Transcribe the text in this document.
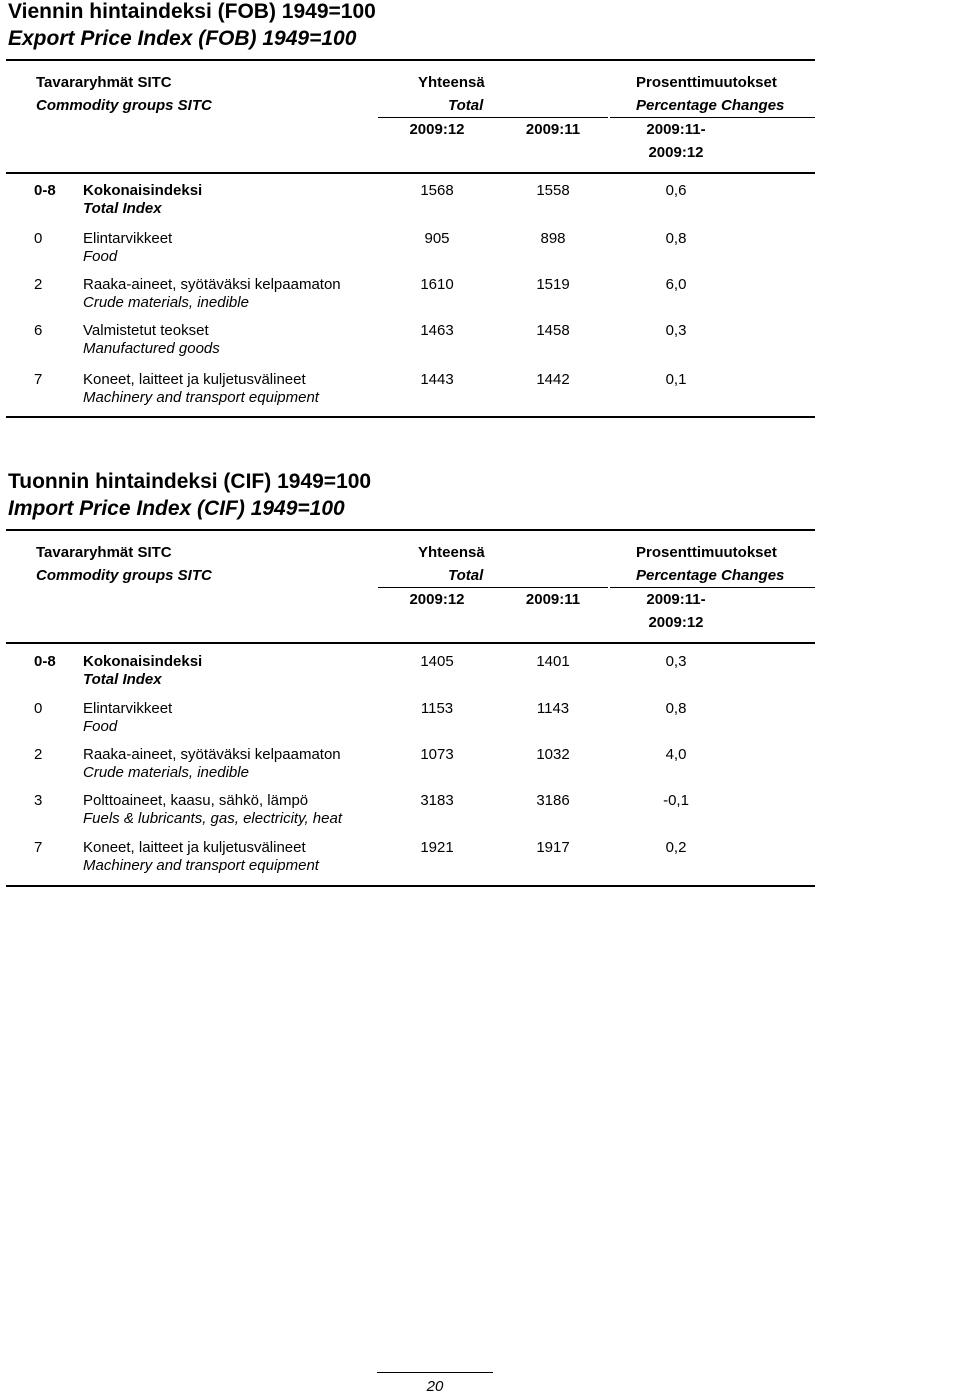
Viennin hintaindeksi (FOB) 1949=100
Export Price Index (FOB) 1949=100
Tavararyhmät SITC
Commodity groups SITC
Yhteensä
Total
Prosenttimuutokset
Percentage Changes
2009:12	2009:11	2009:11-
2009:12
0-8 Kokonaisindeksi
Total Index
1568	1558	0,6
0	Elintarvikkeet
Food
905	898	0,8
2	Raaka-aineet, syötäväksi kelpaamaton
Crude materials, inedible
1610	1519	6,0
6	Valmistetut teokset
Manufactured goods
1463	1458	0,3
7	Koneet, laitteet ja kuljetusvälineet
Machinery and transport equipment
1443	1442	0,1
Tuonnin hintaindeksi (CIF) 1949=100
Import Price Index (CIF) 1949=100
Tavararyhmät SITC
Commodity groups SITC
Yhteensä
Total
Prosenttimuutokset
Percentage Changes
2009:12	2009:11	2009:11-
2009:12
0-8 Kokonaisindeksi
Total Index
1405	1401	0,3
0	Elintarvikkeet
Food
1153	1143	0,8
2	Raaka-aineet, syötäväksi kelpaamaton
Crude materials, inedible
1073	1032	4,0
3	Polttoaineet, kaasu, sähkö, lämpö
Fuels & lubricants, gas, electricity, heat
3183	3186	-0,1
7	Koneet, laitteet ja kuljetusvälineet
Machinery and transport equipment
1921	1917	0,2
20
